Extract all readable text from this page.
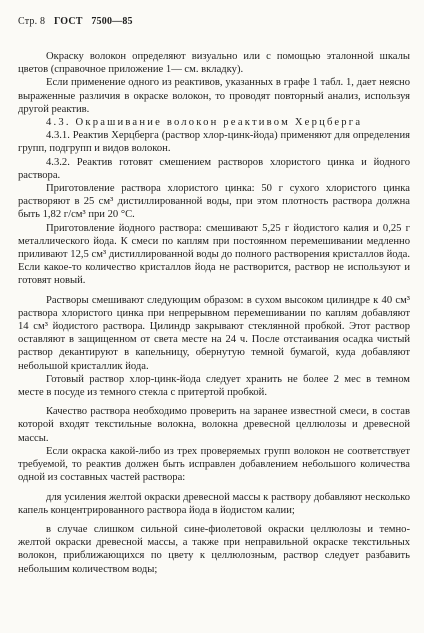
Стр. 8 ГОСТ 7500—85

Окраску волокон определяют визуально или с помощью эталонной шкалы цветов (справочное приложение 1— см. вкладку).

Если применение одного из реактивов, указанных в графе 1 табл. 1, дает неясно выраженные различия в окраске волокон, то проводят повторный анализ, используя другой реактив.

4.3. Окрашивание волокон реактивом Херцберга

4.3.1. Реактив Херцберга (раствор хлор-цинк-йода) применяют для определения групп, подгрупп и видов волокон.

4.3.2. Реактив готовят смешением растворов хлористого цинка и йодного раствора.

Приготовление раствора хлористого цинка: 50 г сухого хлористого цинка растворяют в 25 см³ дистиллированной воды, при этом плотность раствора должна быть 1,82 г/см³ при 20 °С.

Приготовление йодного раствора: смешивают 5,25 г йодистого калия и 0,25 г металлического йода. К смеси по каплям при постоянном перемешивании медленно приливают 12,5 см³ дистиллированной воды до полного растворения кристаллов йода. Если какое-то количество кристаллов йода не растворится, раствор не используют и готовят новый.

Растворы смешивают следующим образом: в сухом высоком цилиндре к 40 см³ раствора хлористого цинка при непрерывном перемешивании по каплям добавляют 14 см³ йодистого раствора. Цилиндр закрывают стеклянной пробкой. Этот раствор оставляют в защищенном от света месте на 24 ч. После отстаивания осадка чистый раствор декантируют в капельницу, обернутую темной бумагой, куда добавляют небольшой кристаллик йода.

Готовый раствор хлор-цинк-йода следует хранить не более 2 мес в темном месте в посуде из темного стекла с притертой пробкой.

Качество раствора необходимо проверить на заранее известной смеси, в состав которой входят текстильные волокна, волокна древесной целлюлозы и древесной массы.

Если окраска какой-либо из трех проверяемых групп волокон не соответствует требуемой, то реактив должен быть исправлен добавлением небольшого количества одной из составных частей раствора:

для усиления желтой окраски древесной массы к раствору добавляют несколько капель концентрированного раствора йода в йодистом калии;

в случае слишком сильной сине-фиолетовой окраски целлюлозы и темно-желтой окраски древесной массы, а также при неправильной окраске текстильных волокон, приближающихся по цвету к целлюлозным, раствор следует разбавить небольшим количеством воды;
